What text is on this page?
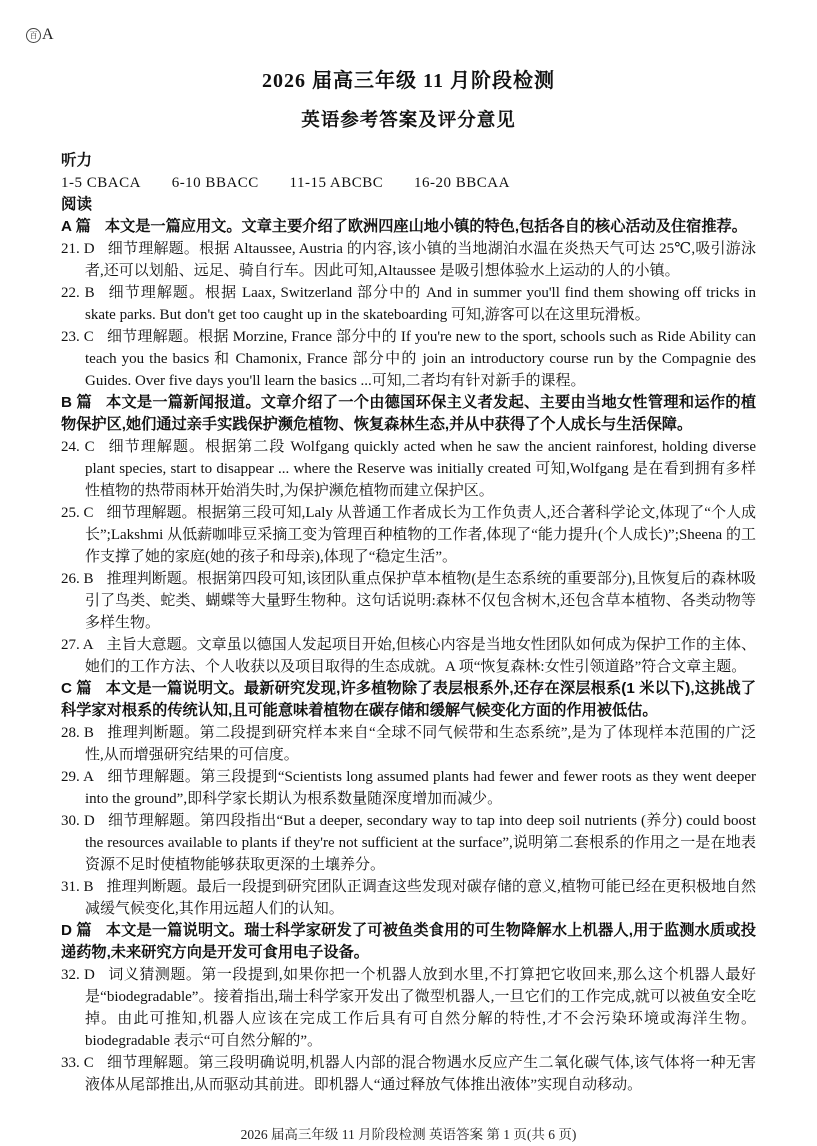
百 A
2026 届高三年级 11 月阶段检测
英语参考答案及评分意见
听力
1-5 CBACA 6-10 BBACC 11-15 ABCBC 16-20 BBCAA
阅读

A 篇 本文是一篇应用文。文章主要介绍了欧洲四座山地小镇的特色,包括各自的核心活动及住宿推荐。

21. D 细节理解题。根据 Altaussee, Austria 的内容,该小镇的当地湖泊水温在炎热天气可达 25℃,吸引游泳者,还可以划船、远足、骑自行车。因此可知,Altaussee 是吸引想体验水上运动的人的小镇。

22. B 细节理解题。根据 Laax, Switzerland 部分中的 And in summer you'll find them showing off tricks in skate parks. But don't get too caught up in the skateboarding 可知,游客可以在这里玩滑板。

23. C 细节理解题。根据 Morzine, France 部分中的 If you're new to the sport, schools such as Ride Ability can teach you the basics 和 Chamonix, France 部分中的 join an introductory course run by the Compagnie des Guides. Over five days you'll learn the basics ...可知,二者均有针对新手的课程。

B 篇 本文是一篇新闻报道。文章介绍了一个由德国环保主义者发起、主要由当地女性管理和运作的植物保护区,她们通过亲手实践保护濒危植物、恢复森林生态,并从中获得了个人成长与生活保障。

24. C 细节理解题。根据第二段 Wolfgang quickly acted when he saw the ancient rainforest, holding diverse plant species, start to disappear ... where the Reserve was initially created 可知,Wolfgang 是在看到拥有多样性植物的热带雨林开始消失时,为保护濒危植物而建立保护区。

25. C 细节理解题。根据第三段可知,Laly 从普通工作者成长为工作负责人,还合著科学论文,体现了“个人成长”;Lakshmi 从低薪咖啡豆采摘工变为管理百种植物的工作者,体现了“能力提升(个人成长)”;Sheena 的工作支撑了她的家庭(她的孩子和母亲),体现了“稳定生活”。

26. B 推理判断题。根据第四段可知,该团队重点保护草本植物(是生态系统的重要部分),且恢复后的森林吸引了鸟类、蛇类、蝴蝶等大量野生物种。这句话说明:森林不仅包含树木,还包含草本植物、各类动物等多样生物。

27. A 主旨大意题。文章虽以德国人发起项目开始,但核心内容是当地女性团队如何成为保护工作的主体、她们的工作方法、个人收获以及项目取得的生态成就。A 项“恢复森林:女性引领道路”符合文章主题。

C 篇 本文是一篇说明文。最新研究发现,许多植物除了表层根系外,还存在深层根系(1 米以下),这挑战了科学家对根系的传统认知,且可能意味着植物在碳存储和缓解气候变化方面的作用被低估。

28. B 推理判断题。第二段提到研究样本来自“全球不同气候带和生态系统”,是为了体现样本范围的广泛性,从而增强研究结果的可信度。

29. A 细节理解题。第三段提到“Scientists long assumed plants had fewer and fewer roots as they went deeper into the ground”,即科学家长期认为根系数量随深度增加而减少。

30. D 细节理解题。第四段指出“But a deeper, secondary way to tap into deep soil nutrients (养分) could boost the resources available to plants if they're not sufficient at the surface”,说明第二套根系的作用之一是在地表资源不足时使植物能够获取更深的土壤养分。

31. B 推理判断题。最后一段提到研究团队正调查这些发现对碳存储的意义,植物可能已经在更积极地自然减缓气候变化,其作用远超人们的认知。

D 篇 本文是一篇说明文。瑞士科学家研发了可被鱼类食用的可生物降解水上机器人,用于监测水质或投递药物,未来研究方向是开发可食用电子设备。

32. D 词义猜测题。第一段提到,如果你把一个机器人放到水里,不打算把它收回来,那么这个机器人最好是“biodegradable”。接着指出,瑞士科学家开发出了微型机器人,一旦它们的工作完成,就可以被鱼安全吃掉。由此可推知,机器人应该在完成工作后具有可自然分解的特性,才不会污染环境或海洋生物。biodegradable 表示“可自然分解的”。

33. C 细节理解题。第三段明确说明,机器人内部的混合物遇水反应产生二氧化碳气体,该气体将一种无害液体从尾部推出,从而驱动其前进。即机器人“通过释放气体推出液体”实现自动移动。

2026 届高三年级 11 月阶段检测 英语答案 第 1 页(共 6 页)
